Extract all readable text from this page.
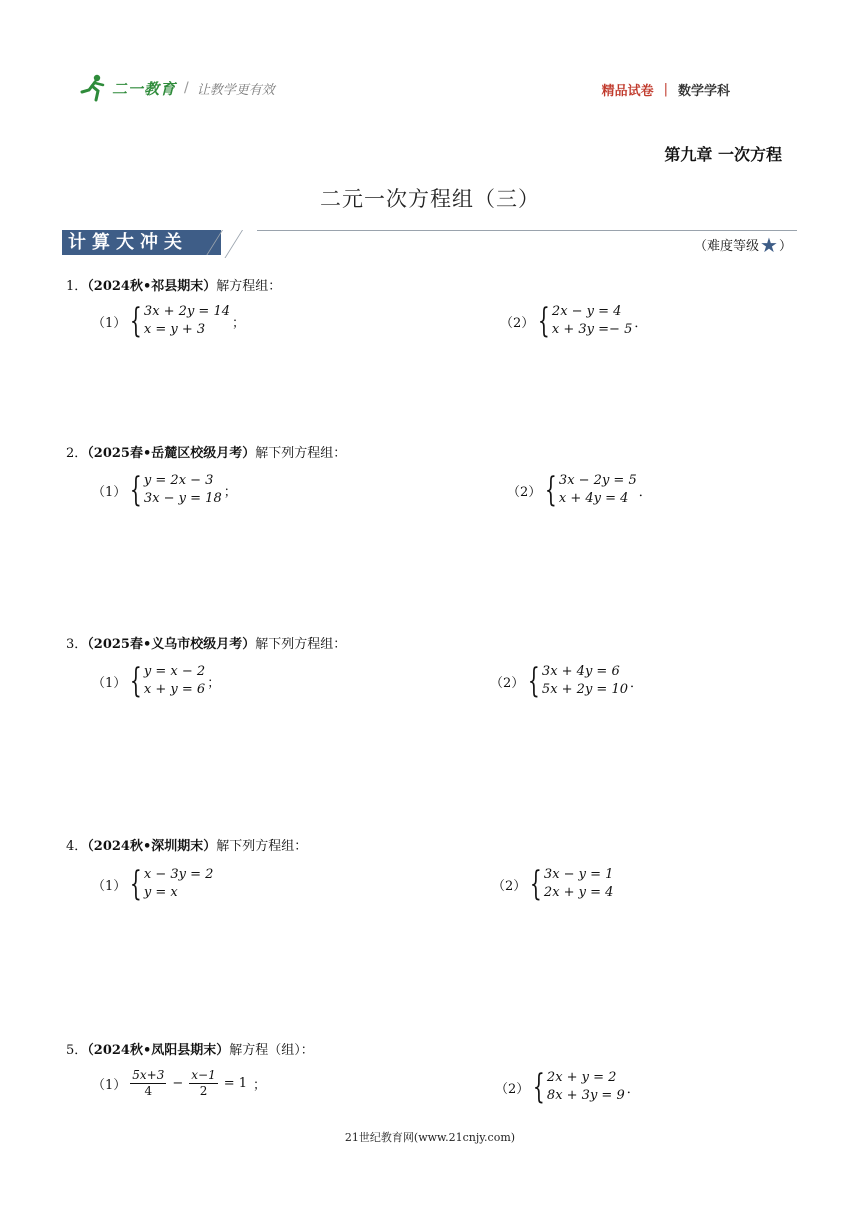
二一教育 / 让教学更有效	精品试卷 | 数学学科
第九章 一次方程
二元一次方程组（三）
计算大冲关	（难度等级 ★ ）
1．（2024秋•祁县期末）解方程组：
（1） { 3x + 2y = 14
x = y + 3	；	（2） { 2x − y = 4
x + 3y =− 5 ．
2．（2025春•岳麓区校级月考）解下列方程组：
（1） { y = 2x − 3
3x − y = 18 ；	（2） { 3x − 2y = 5
x + 4y = 4 ．
3．（2025春•义乌市校级月考）解下列方程组：
（1） { y = x − 2
x + y = 6 ；	（2） { 3x + 4y = 6
5x + 2y = 10 ．
4．（2024秋•深圳期末）解下列方程组：
（1） { x − 3y = 2
y = x	（2） { 3x − y = 1
2x + y = 4
5．（2024秋•凤阳县期末）解方程（组）：
$(1) \frac{5x+3}{4} - \frac{x-1}{2} = 1$ ；	（2） { 2x + y = 2
8x + 3y = 9 ．
21世纪教育网(www.21cnjy.com)
